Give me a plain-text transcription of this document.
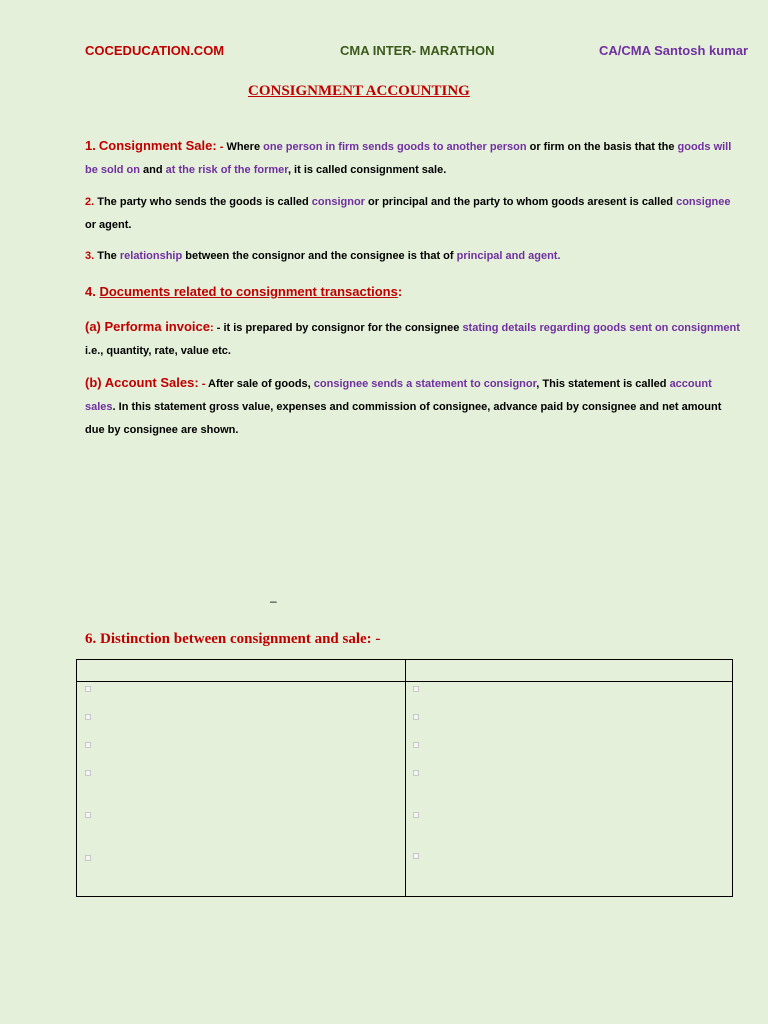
COCEDUCATION.COM	CMA INTER- MARATHON	CA/CMA Santosh kumar
CONSIGNMENT ACCOUNTING
1. Consignment Sale: - Where one person in firm sends goods to another person or firm on the basis that the goods will be sold on and at the risk of the former, it is called consignment sale.
2. The party who sends the goods is called consignor or principal and the party to whom goods aresent is called consignee or agent.
3. The relationship between the consignor and the consignee is that of principal and agent.
4. Documents related to consignment transactions:
(a) Performa invoice: - it is prepared by consignor for the consignee stating details regarding goods sent on consignment i.e., quantity, rate, value etc.
(b) Account Sales: - After sale of goods, consignee sends a statement to consignor, This statement is called account sales. In this statement gross value, expenses and commission of consignee, advance paid by consignee and net amount due by consignee are shown.
–
6. Distinction between consignment and sale: -
